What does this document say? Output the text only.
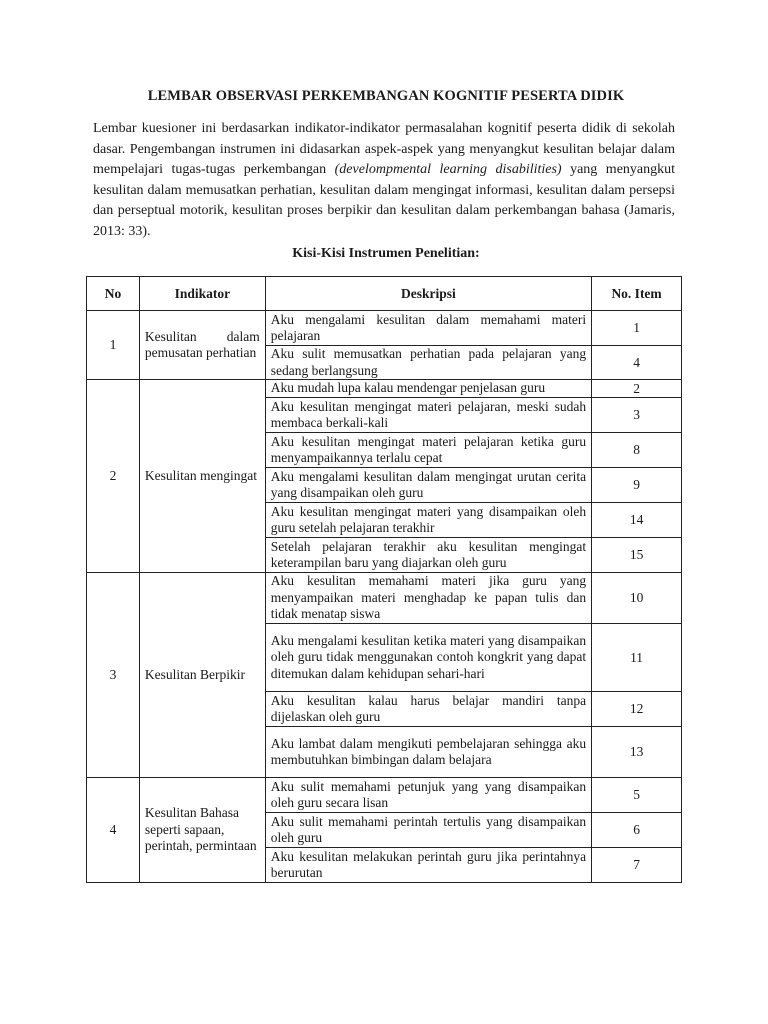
LEMBAR OBSERVASI PERKEMBANGAN KOGNITIF PESERTA DIDIK

Lembar kuesioner ini berdasarkan indikator-indikator permasalahan kognitif peserta didik di sekolah dasar. Pengembangan instrumen ini didasarkan aspek-aspek yang menyangkut kesulitan belajar dalam mempelajari tugas-tugas perkembangan (develompmental learning disabilities) yang menyangkut kesulitan dalam memusatkan perhatian, kesulitan dalam mengingat informasi, kesulitan dalam persepsi dan perseptual motorik, kesulitan proses berpikir dan kesulitan dalam perkembangan bahasa (Jamaris, 2013: 33).

Kisi-Kisi Instrumen Penelitian:
No	Indikator	Deskripsi	No. Item
1	Kesulitan dalam pemusatan perhatian	Aku mengalami kesulitan dalam memahami materi pelajaran	1
		Aku sulit memusatkan perhatian pada pelajaran yang sedang berlangsung	4
2	Kesulitan mengingat	Aku mudah lupa kalau mendengar penjelasan guru	2
		Aku kesulitan mengingat materi pelajaran, meski sudah membaca berkali-kali	3
		Aku kesulitan mengingat materi pelajaran ketika guru menyampaikannya terlalu cepat	8
		Aku mengalami kesulitan dalam mengingat urutan cerita yang disampaikan oleh guru	9
		Aku kesulitan mengingat materi yang disampaikan oleh guru setelah pelajaran terakhir	14
		Setelah pelajaran terakhir aku kesulitan mengingat keterampilan baru yang diajarkan oleh guru	15
3	Kesulitan Berpikir	Aku kesulitan memahami materi jika guru yang menyampaikan materi menghadap ke papan tulis dan tidak menatap siswa	10
		Aku mengalami kesulitan ketika materi yang disampaikan oleh guru tidak menggunakan contoh kongkrit yang dapat ditemukan dalam kehidupan sehari-hari	11
		Aku kesulitan kalau harus belajar mandiri tanpa dijelaskan oleh guru	12
		Aku lambat dalam mengikuti pembelajaran sehingga aku membutuhkan bimbingan dalam belajara	13
4	Kesulitan Bahasa seperti sapaan, perintah, permintaan	Aku sulit memahami petunjuk yang yang disampaikan oleh guru secara lisan	5
		Aku sulit memahami perintah tertulis yang disampaikan oleh guru	6
		Aku kesulitan melakukan perintah guru jika perintahnya berurutan	7
